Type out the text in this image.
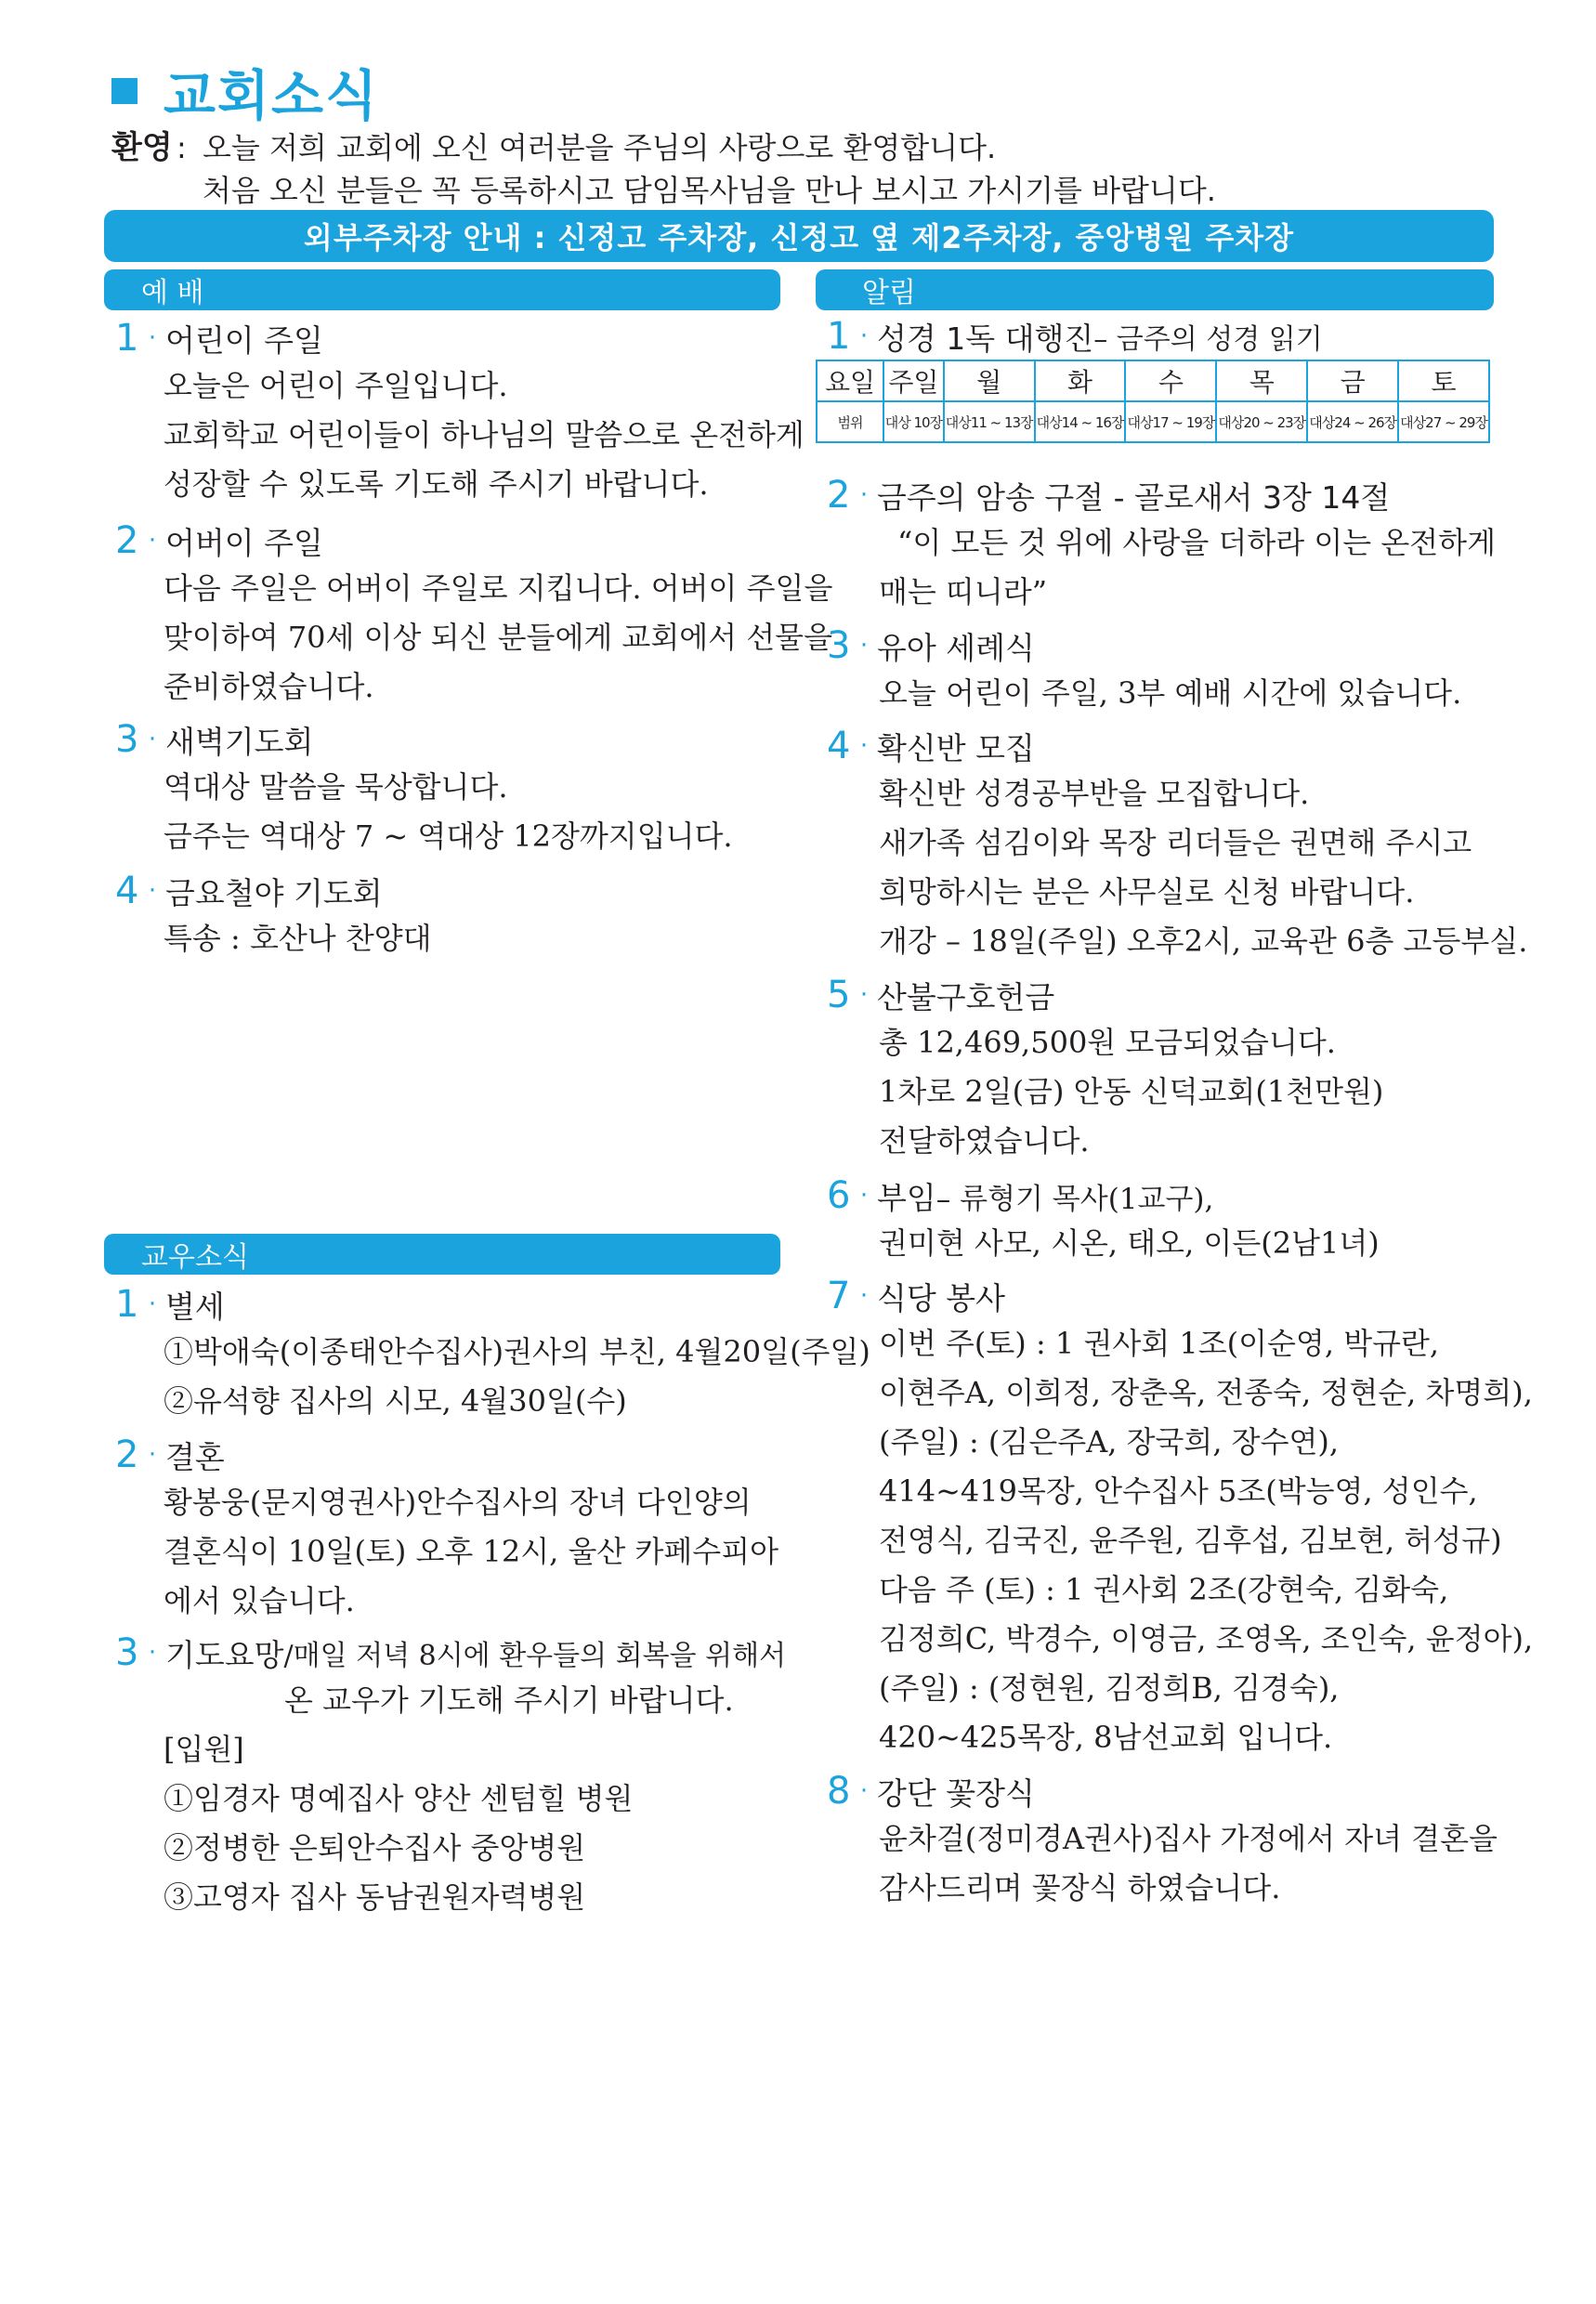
교회소식
환영 : 오늘 저희 교회에 오신 여러분을 주님의 사랑으로 환영합니다.
처음 오신 분들은 꼭 등록하시고 담임목사님을 만나 보시고 가시기를 바랍니다.
외부주차장 안내 : 신정고 주차장, 신정고 옆 제2주차장, 중앙병원 주차장
예 배	알림
교우소식
1 · 어린이 주일
오늘은 어린이 주일입니다.
교회학교 어린이들이 하나님의 말씀으로 온전하게
성장할 수 있도록 기도해 주시기 바랍니다.
2 · 어버이 주일
다음 주일은 어버이 주일로 지킵니다. 어버이 주일을
맞이하여 70세 이상 되신 분들에게 교회에서 선물을
준비하였습니다.
3 · 새벽기도회
역대상 말씀을 묵상합니다.
금주는 역대상 7 ~ 역대상 12장까지입니다.
4 · 금요철야 기도회
특송 : 호산나 찬양대
1 · 별세
①박애숙(이종태안수집사)권사의 부친, 4월20일(주일)
②유석향 집사의 시모, 4월30일(수)
2 · 결혼
황봉웅(문지영권사)안수집사의 장녀 다인양의
결혼식이 10일(토) 오후 12시, 울산 카페수피아
에서 있습니다.
3 · 기도요망 /매일 저녁 8시에 환우들의 회복을 위해서
온 교우가 기도해 주시기 바랍니다.
[입원]
①임경자 명예집사 양산 센텀힐 병원
②정병한 은퇴안수집사 중앙병원
③고영자 집사 동남권원자력병원
1 · 성경 1독 대행진 – 금주의 성경 읽기
요일	주일	월	화	수	목	금	토
범위	대상 10장	대상11 ~ 13장	대상14 ~ 16장	대상17 ~ 19장	대상20 ~ 23장	대상24 ~ 26장	대상27 ~ 29장
2 · 금주의 암송 구절 - 골로새서 3장 14절
“이 모든 것 위에 사랑을 더하라 이는 온전하게
매는 띠니라”
3 · 유아 세례식
오늘 어린이 주일, 3부 예배 시간에 있습니다.
4 · 확신반 모집
확신반 성경공부반을 모집합니다.
새가족 섬김이와 목장 리더들은 권면해 주시고
희망하시는 분은 사무실로 신청 바랍니다.
개강 – 18일(주일) 오후2시, 교육관 6층 고등부실.
5 · 산불구호헌금
총 12,469,500원 모금되었습니다.
1차로 2일(금) 안동 신덕교회(1천만원)
전달하였습니다.
6 · 부임 – 류형기 목사(1교구),
권미현 사모, 시온, 태오, 이든(2남1녀)
7 · 식당 봉사
이번 주(토) : 1 권사회 1조(이순영, 박규란,
이현주A, 이희정, 장춘옥, 전종숙, 정현순, 차명희),
(주일) : (김은주A, 장국희, 장수연),
414~419목장, 안수집사 5조(박능영, 성인수,
전영식, 김국진, 윤주원, 김후섭, 김보현, 허성규)
다음 주 (토) : 1 권사회 2조(강현숙, 김화숙,
김정희C, 박경수, 이영금, 조영옥, 조인숙, 윤정아),
(주일) : (정현원, 김정희B, 김경숙),
420~425목장, 8남선교회 입니다.
8 · 강단 꽃장식
윤차걸(정미경A권사)집사 가정에서 자녀 결혼을
감사드리며 꽃장식 하였습니다.
